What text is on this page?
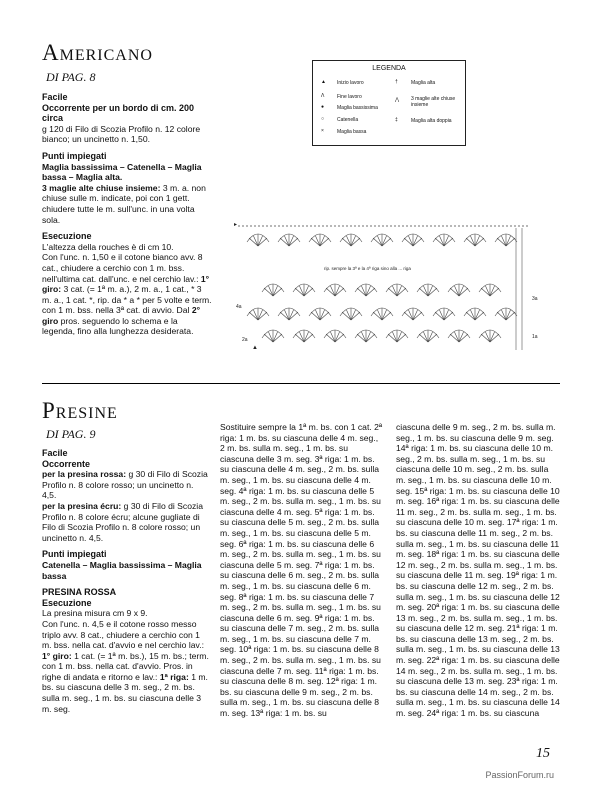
Americano
DI PAG. 8

Facile

Occorrente per un bordo di cm. 200 circa

g 120 di Filo di Scozia Profilo n. 12 colore bianco; un uncinetto n. 1,50.

Punti impiegati

Maglia bassissima – Catenella – Maglia bassa – Maglia alta.

3 maglie alte chiuse insieme: 3 m. a. non chiuse sulle m. indicate, poi con 1 gett. chiudere tutte le m. sull'unc. in una volta sola.

Esecuzione

L'altezza della rouches è di cm 10.

Con l'unc. n. 1,50 e il cotone bianco avv. 8 cat., chiudere a cerchio con 1 m. bss. nell'ultima cat. dall'unc. e nel cerchio lav.: 1° giro: 3 cat. (= 1ª m. a.), 2 m. a., 1 cat., * 3 m. a., 1 cat. *, rip. da * a * per 5 volte e term. con 1 m. bss. nella 3ª cat. di avvio. Dal 2° giro pros. seguendo lo schema e la legenda, fino alla lunghezza desiderata.

LEGENDA
▲ Inizio lavoro
Ʌ	Fine lavoro
●	Maglia bassissima
○	Catenella
×	Maglia bassa
†	Maglia alta
⋀ 3 maglie alte chiuse insieme
‡	Maglia alta doppia
rip. sempre la 3ª e la 4ª riga sino alla ... riga
4a
2a
3a
1a
▸
▲
Presine
DI PAG. 9

Facile

Occorrente

per la presina rossa: g 30 di Filo di Scozia Profilo n. 8 colore rosso; un uncinetto n. 4,5.

per la presina écru: g 30 di Filo di Scozia Profilo n. 8 colore écru; alcune gugliate di Filo di Scozia Profilo n. 8 colore rosso; un uncinetto n. 4,5.

Punti impiegati

Catenella – Maglia bassissima – Maglia bassa

PRESINA ROSSA

Esecuzione

La presina misura cm 9 x 9.

Con l'unc. n. 4,5 e il cotone rosso messo triplo avv. 8 cat., chiudere a cerchio con 1 m. bss. nella cat. d'avvio e nel cerchio lav.: 1° giro: 1 cat. (= 1ª m. bs.), 15 m. bs.; term. con 1 m. bss. nella cat. d'avvio. Pros. in righe di andata e ritorno e lav.: 1ª riga: 1 m. bs. su ciascuna delle 3 m. seg., 2 m. bs. sulla m. seg., 1 m. bs. su ciascuna delle 3 m. seg.

Sostituire sempre la 1ª m. bs. con 1 cat. 2ª riga: 1 m. bs. su ciascuna delle 4 m. seg., 2 m. bs. sulla m. seg., 1 m. bs. su ciascuna delle 3 m. seg. 3ª riga: 1 m. bs. su ciascuna delle 4 m. seg., 2 m. bs. sulla m. seg., 1 m. bs. su ciascuna delle 4 m. seg. 4ª riga: 1 m. bs. su ciascuna delle 5 m. seg., 2 m. bs. sulla m. seg., 1 m. bs. su ciascuna delle 4 m. seg. 5ª riga: 1 m. bs. su ciascuna delle 5 m. seg., 2 m. bs. sulla m. seg., 1 m. bs. su ciascuna delle 5 m. seg. 6ª riga: 1 m. bs. su ciascuna delle 6 m. seg., 2 m. bs. sulla m. seg., 1 m. bs. su ciascuna delle 5 m. seg. 7ª riga: 1 m. bs. su ciascuna delle 6 m. seg., 2 m. bs. sulla m. seg., 1 m. bs. su ciascuna delle 6 m. seg. 8ª riga: 1 m. bs. su ciascuna delle 7 m. seg., 2 m. bs. sulla m. seg., 1 m. bs. su ciascuna delle 6 m. seg. 9ª riga: 1 m. bs. su ciascuna delle 7 m. seg., 2 m. bs. sulla m. seg., 1 m. bs. su ciascuna delle 7 m. seg. 10ª riga: 1 m. bs. su ciascuna delle 8 m. seg., 2 m. bs. sulla m. seg., 1 m. bs. su ciascuna delle 7 m. seg. 11ª riga: 1 m. bs. su ciascuna delle 8 m. seg. 12ª riga: 1 m. bs. su ciascuna delle 9 m. seg., 2 m. bs. sulla m. seg., 1 m. bs. su ciascuna delle 8 m. seg. 13ª riga: 1 m. bs. su

ciascuna delle 9 m. seg., 2 m. bs. sulla m. seg., 1 m. bs. su ciascuna delle 9 m. seg. 14ª riga: 1 m. bs. su ciascuna delle 10 m. seg., 2 m. bs. sulla m. seg., 1 m. bs. su ciascuna delle 10 m. seg., 2 m. bs. sulla m. seg., 1 m. bs. su ciascuna delle 10 m. seg. 15ª riga: 1 m. bs. su ciascuna delle 10 m. seg. 16ª riga: 1 m. bs. su ciascuna delle 11 m. seg., 2 m. bs. sulla m. seg., 1 m. bs. su ciascuna delle 10 m. seg. 17ª riga: 1 m. bs. su ciascuna delle 11 m. seg., 2 m. bs. sulla m. seg., 1 m. bs. su ciascuna delle 11 m. seg. 18ª riga: 1 m. bs. su ciascuna delle 12 m. seg., 2 m. bs. sulla m. seg., 1 m. bs. su ciascuna delle 11 m. seg. 19ª riga: 1 m. bs. su ciascuna delle 12 m. seg., 2 m. bs. sulla m. seg., 1 m. bs. su ciascuna delle 12 m. seg. 20ª riga: 1 m. bs. su ciascuna delle 13 m. seg., 2 m. bs. sulla m. seg., 1 m. bs. su ciascuna delle 12 m. seg. 21ª riga: 1 m. bs. su ciascuna delle 13 m. seg., 2 m. bs. sulla m. seg., 1 m. bs. su ciascuna delle 13 m. seg. 22ª riga: 1 m. bs. su ciascuna delle 14 m. seg., 2 m. bs. sulla m. seg., 1 m. bs. su ciascuna delle 13 m. seg. 23ª riga: 1 m. bs. su ciascuna delle 14 m. seg., 2 m. bs. sulla m. seg., 1 m. bs. su ciascuna delle 14 m. seg. 24ª riga: 1 m. bs. su ciascuna

15
PassionForum.ru
